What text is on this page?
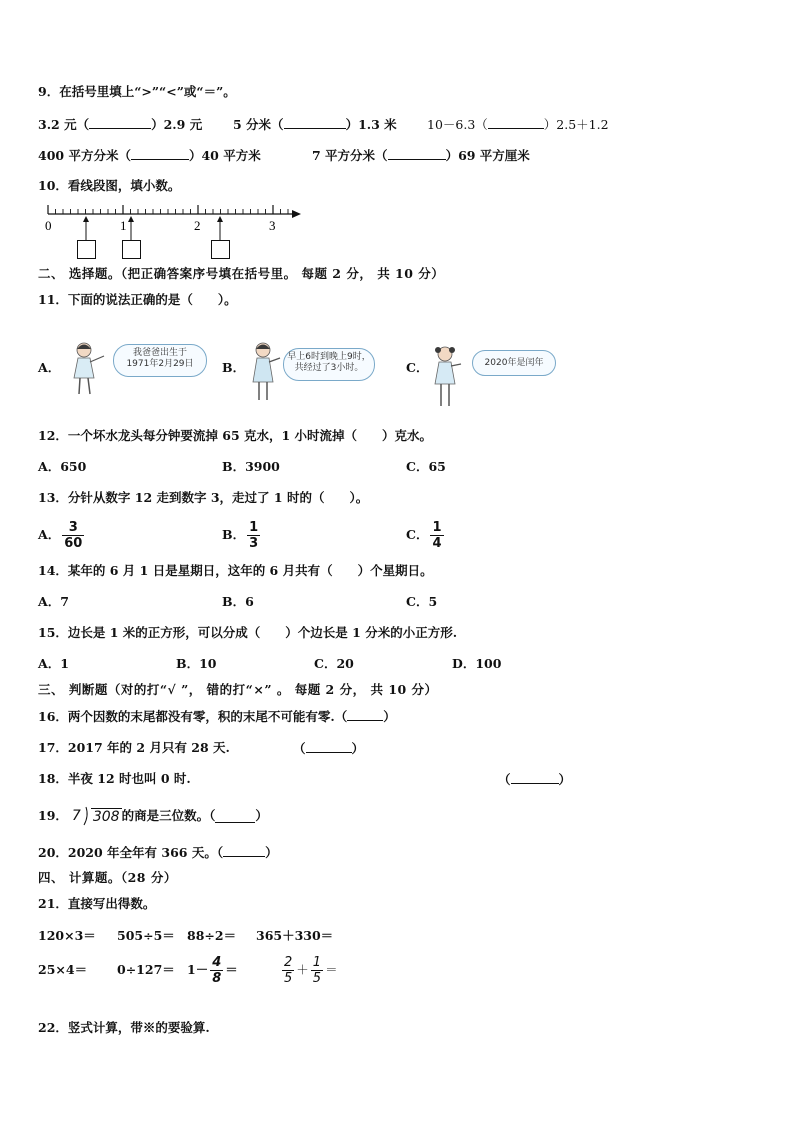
9．在括号里填上“>”“<”或“＝”。
3.2 元（	）2.9 元 5 分米（	）1.3 米 10－6.3（	）2.5＋1.2
400 平方分米（	）40 平方米	7 平方分米（	）69 平方厘米
10．看线段图，填小数。
0	1	2	3
二、 选择题。（把正确答案序号填在括号里。 每题 2 分， 共 10 分）
11．下面的说法正确的是（　　）。
A．
我爸爸出生于
1971年2月29日	B．
早上6时到晚上9时，
共经过了3小时。	C．	2020年是闰年
12．一个坏水龙头每分钟要流掉 65 克水，1 小时流掉（　　）克水。
A．650	B．3900	C．65
13．分针从数字 12 走到数字 3，走过了 1 时的（　　）。
A． $\frac{3}{60}$	B． $\frac{1}{3}$	C． $\frac{1}{4}$
14．某年的 6 月 1 日是星期日，这年的 6 月共有（　　）个星期日。
A．7	B．6	C．5
15．边长是 1 米的正方形，可以分成（　　）个边长是 1 分米的小正方形.
A．1	B．10	C．20	D．100
三、 判断题（对的打“√ ”， 错的打“×” 。 每题 2 分， 共 10 分）
16．两个因数的末尾都没有零，积的末尾不可能有零.（	）
17．2017 年的 2 月只有 28 天.	（	）
18．半夜 12 时也叫 0 时.	（	）
19． 7 308 的商是三位数。（	）
20．2020 年全年有 366 天。（	）
四、 计算题。（28 分）
21．直接写出得数。
120×3＝ 505÷5＝ 88÷2＝ 365＋330＝
$25\times 4= 0\div 127= 1- \frac{4}{8}$ ＝	$\frac{2}{5} + \frac{1}{5}$ ＝
22．竖式计算，带※的要验算.
